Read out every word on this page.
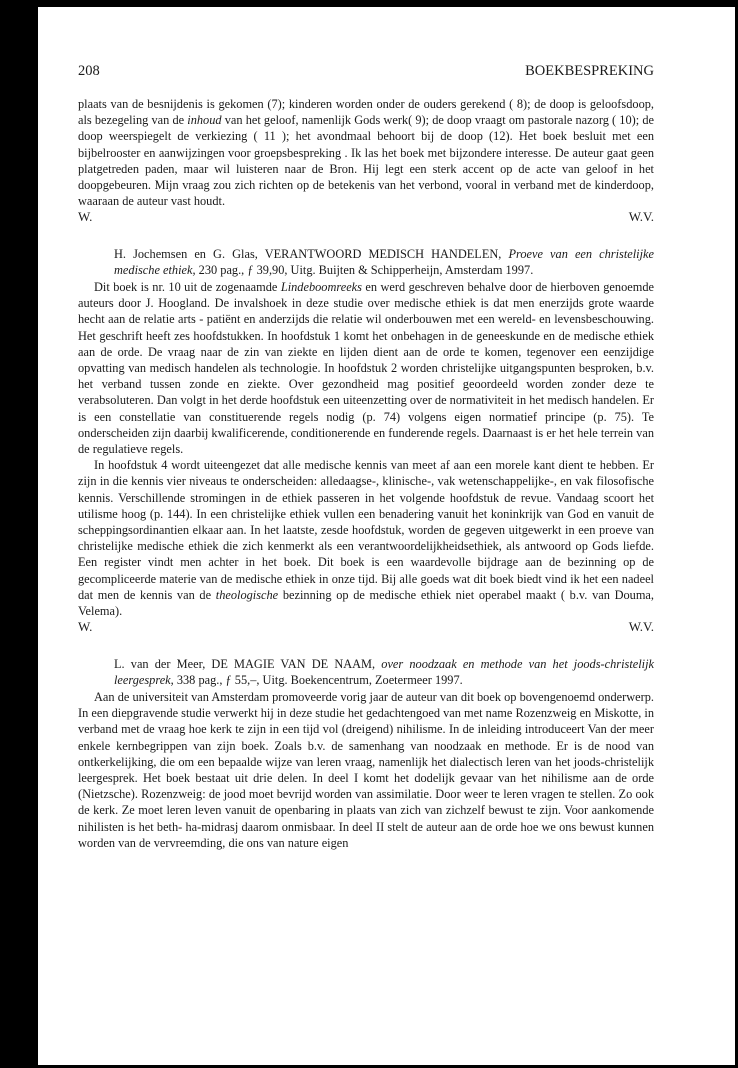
208	BOEKBESPREKING

plaats van de besnijdenis is gekomen (7); kinderen worden onder de ouders gerekend ( 8); de doop is geloofsdoop, als bezegeling van de inhoud van het geloof, namenlijk Gods werk( 9); de doop vraagt om pastorale nazorg ( 10); de doop weerspiegelt de verkiezing ( 11 ); het avondmaal behoort bij de doop (12). Het boek besluit met een bijbelrooster en aanwijzingen voor groepsbespreking . Ik las het boek met bijzondere interesse. De auteur gaat geen platgetreden paden, maar wil luisteren naar de Bron. Hij legt een sterk accent op de acte van geloof in het doopgebeuren. Mijn vraag zou zich richten op de betekenis van het verbond, vooral in verband met de kinderdoop, waaraan de auteur vast houdt.

W.	W.V.

H. Jochemsen en G. Glas, VERANTWOORD MEDISCH HANDELEN, Proeve van een christelijke medische ethiek, 230 pag., ƒ 39,90, Uitg. Buijten & Schipperheijn, Amsterdam 1997.

Dit boek is nr. 10 uit de zogenaamde Lindeboomreeks en werd geschreven behalve door de hierboven genoemde auteurs door J. Hoogland. De invalshoek in deze studie over medische ethiek is dat men enerzijds grote waarde hecht aan de relatie arts - patiënt en anderzijds die relatie wil onderbouwen met een wereld- en levensbeschouwing. Het geschrift heeft zes hoofdstukken. In hoofdstuk 1 komt het onbehagen in de geneeskunde en de medische ethiek aan de orde. De vraag naar de zin van ziekte en lijden dient aan de orde te komen, tegenover een eenzijdige opvatting van medisch handelen als technologie. In hoofdstuk 2 worden christelijke uitgangspunten besproken, b.v. het verband tussen zonde en ziekte. Over gezondheid mag positief geoordeeld worden zonder deze te verabsoluteren. Dan volgt in het derde hoofdstuk een uiteenzetting over de normativiteit in het medisch handelen. Er is een constellatie van constituerende regels nodig (p. 74) volgens eigen normatief principe (p. 75). Te onderscheiden zijn daarbij kwalificerende, conditionerende en funderende regels. Daarnaast is er het hele terrein van de regulatieve regels.

In hoofdstuk 4 wordt uiteengezet dat alle medische kennis van meet af aan een morele kant dient te hebben. Er zijn in die kennis vier niveaus te onderscheiden: alledaagse-, klinische-, vak wetenschappelijke-, en vak filosofische kennis. Verschillende stromingen in de ethiek passeren in het volgende hoofdstuk de revue. Vandaag scoort het utilisme hoog (p. 144). In een christelijke ethiek vullen een benadering vanuit het koninkrijk van God en vanuit de scheppingsordinantien elkaar aan. In het laatste, zesde hoofdstuk, worden de gegeven uitgewerkt in een proeve van christelijke medische ethiek die zich kenmerkt als een verantwoordelijkheidsethiek, als antwoord op Gods liefde. Een register vindt men achter in het boek. Dit boek is een waardevolle bijdrage aan de bezinning op de gecompliceerde materie van de medische ethiek in onze tijd. Bij alle goeds wat dit boek biedt vind ik het een nadeel dat men de kennis van de theologische bezinning op de medische ethiek niet operabel maakt ( b.v. van Douma, Velema).

W.	W.V.

L. van der Meer, DE MAGIE VAN DE NAAM, over noodzaak en methode van het joods-christelijk leergesprek, 338 pag., ƒ 55,–, Uitg. Boekencentrum, Zoetermeer 1997.

Aan de universiteit van Amsterdam promoveerde vorig jaar de auteur van dit boek op bovengenoemd onderwerp. In een diepgravende studie verwerkt hij in deze studie het gedachtengoed van met name Rozenzweig en Miskotte, in verband met de vraag hoe kerk te zijn in een tijd vol (dreigend) nihilisme. In de inleiding introduceert Van der meer enkele kernbegrippen van zijn boek. Zoals b.v. de samenhang van noodzaak en methode. Er is de nood van ontkerkelijking, die om een bepaalde wijze van leren vraag, namenlijk het dialectisch leren van het joods-christelijk leergesprek. Het boek bestaat uit drie delen. In deel I komt het dodelijk gevaar van het nihilisme aan de orde (Nietzsche). Rozenzweig: de jood moet bevrijd worden van assimilatie. Door weer te leren vragen te stellen. Zo ook de kerk. Ze moet leren leven vanuit de openbaring in plaats van zich van zichzelf bewust te zijn. Voor aankomende nihilisten is het beth- ha-midrasj daarom onmisbaar. In deel II stelt de auteur aan de orde hoe we ons bewust kunnen worden van de vervreemding, die ons van nature eigen
